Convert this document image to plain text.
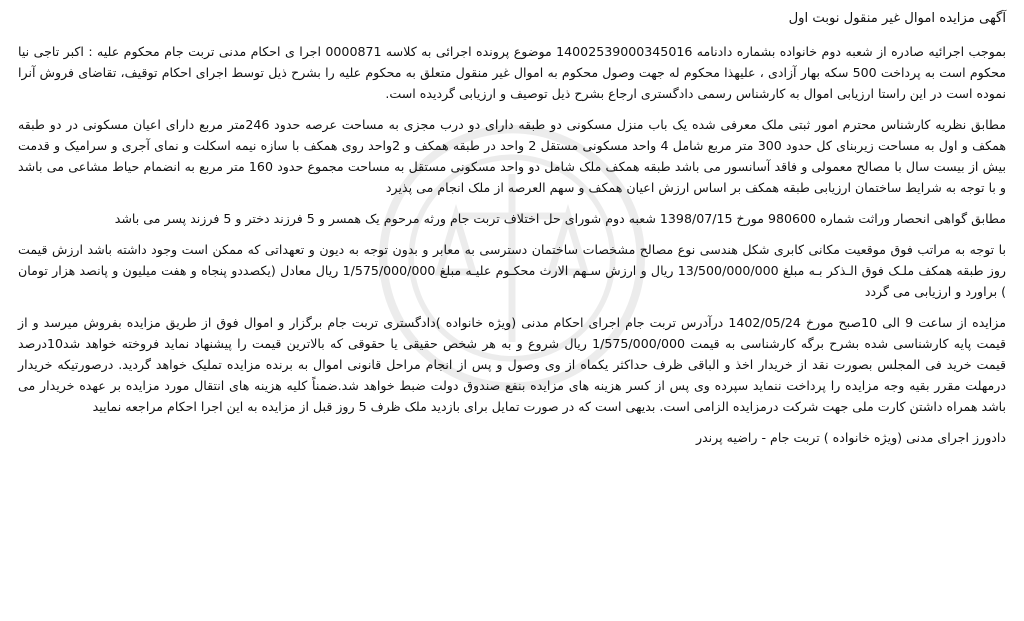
آگهی مزایده اموال غیر منقول نوبت اول

بموجب اجرائیه صادره از شعبه دوم خانواده بشماره دادنامه 14002539000345016 موضوع پرونده اجرائی به کلاسه 0000871 اجرا ی احکام مدنی تربت جام محکوم علیه : اکبر تاجی نیا محکوم است به پرداخت 500 سکه بهار آزادی ، علیهذا محکوم له جهت وصول محکوم به اموال غیر منقول متعلق به محکوم علیه را بشرح ذیل توسط اجرای احکام توقیف، تقاضای فروش آنرا نموده است در این راستا ارزیابی اموال به کارشناس رسمی دادگستری ارجاع بشرح ذیل توصیف و ارزیابی گردیده است.

مطابق نظریه کارشناس محترم امور ثبتی ملک معرفی شده یک باب منزل مسکونی دو طبقه دارای دو درب مجزی به مساحت عرصه حدود 246متر مربع دارای اعیان مسکونی در دو طبقه همکف و اول به مساحت زیربنای کل حدود 300 متر مربع شامل 4 واحد مسکونی مستقل 2 واحد در طبقه همکف و 2واحد روی همکف با سازه نیمه اسکلت و نمای آجری و سرامیک و قدمت بیش از بیست سال با مصالح معمولی و فاقد آسانسور می باشد طبقه همکف ملک شامل دو واحد مسکونی مستقل به مساحت مجموع حدود 160 متر مربع به انضمام حیاط مشاعی می باشد و با توجه به شرایط ساختمان ارزیابی طبقه همکف بر اساس ارزش اعیان همکف و سهم العرصه از ملک انجام می پذیرد

مطابق گواهی انحصار وراثت شماره 980600 مورخ 1398/07/15 شعبه دوم شورای حل اختلاف تربت جام ورثه مرحوم یک همسر و 5 فرزند دختر و 5 فرزند پسر می باشد

با توجه به مراتب فوق موقعیت مکانی کابری شکل هندسی نوع مصالح مشخصات ساختمان دسترسی به معابر و بدون توجه به دیون و تعهداتی که ممکن است وجود داشته باشد ارزش قیمت روز طبقه همکف ملـک فوق الـذکر بـه مبلغ 13/500/000/000 ریال و ارزش سـهم الارث محکـوم علیـه مبلغ 1/575/000/000 ریال معادل (یکصددو پنجاه و هفت میلیون و پانصد هزار تومان ) براورد و ارزیابی می گردد

مزایده از ساعت 9 الی 10صبح مورخ 1402/05/24 درآدرس تربت جام اجرای احکام مدنی (ویژه خانواده )دادگستری تربت جام برگزار و اموال فوق از طریق مزایده بفروش میرسد و از قیمت پایه کارشناسی شده بشرح برگه کارشناسی به قیمت 1/575/000/000 ریال شروع و به هر شخص حقیقی یا حقوقی که بالاترین قیمت را پیشنهاد نماید فروخته خواهد شد10درصد قیمت خرید فی المجلس بصورت نقد از خریدار اخذ و الباقی ظرف حداکثر یکماه از وی وصول و پس از انجام مراحل قانونی اموال به برنده مزایده تملیک خواهد گردید. درصورتیکه خریدار درمهلت مقرر بقیه وجه مزایده را پرداخت ننماید سپرده وی پس از کسر هزینه های مزایده بنفع صندوق دولت ضبط خواهد شد.ضمناً کلیه هزینه های انتقال مورد مزایده بر عهده خریدار می باشد همراه داشتن کارت ملی جهت شرکت درمزایده الزامی است. بدیهی است که در صورت تمایل برای بازدید ملک ظرف 5 روز قبل از مزایده به این اجرا احکام مراجعه نمایید

دادورز اجرای مدنی (ویژه خانواده ) تربت جام - راضیه پرندر
